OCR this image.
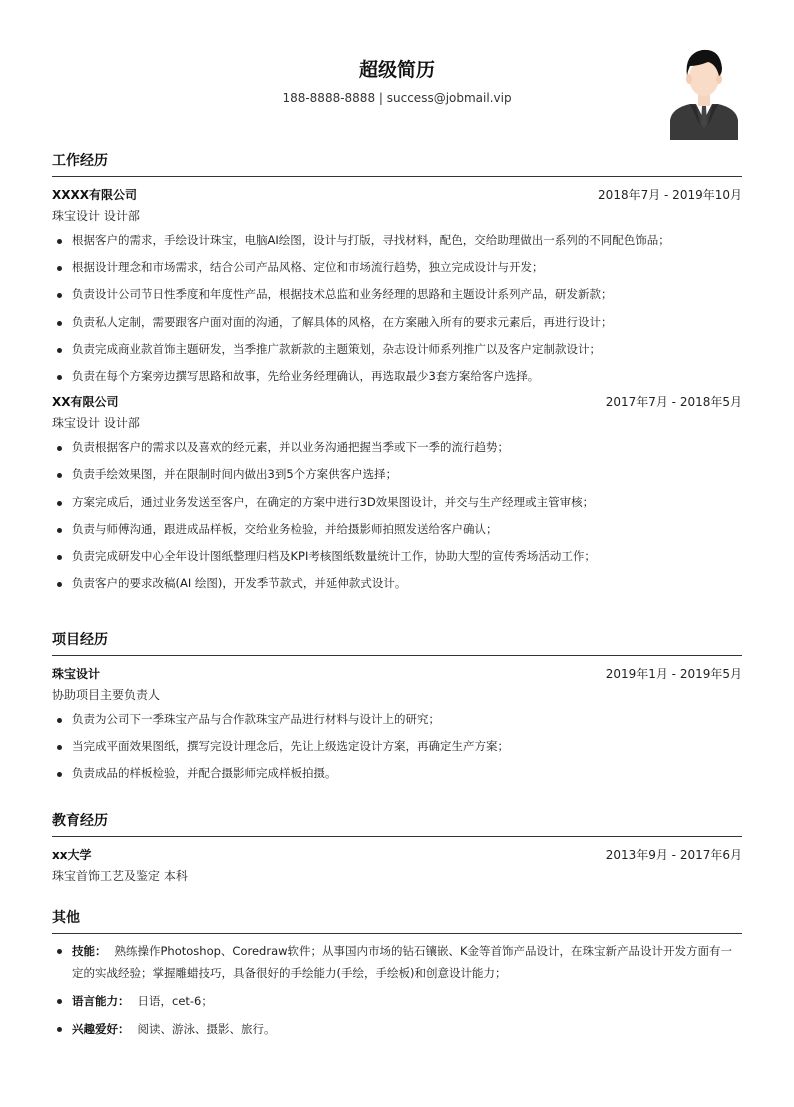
超级简历
188-8888-8888 | success@jobmail.vip
工作经历
XXXX有限公司	2018年7月 - 2019年10月
珠宝设计 设计部
根据客户的需求，手绘设计珠宝，电脑AI绘图，设计与打版，寻找材料，配色，交给助理做出一系列的不同配色饰品；
根据设计理念和市场需求，结合公司产品风格、定位和市场流行趋势，独立完成设计与开发；
负责设计公司节日性季度和年度性产品，根据技术总监和业务经理的思路和主题设计系列产品，研发新款；
负责私人定制，需要跟客户面对面的沟通，了解具体的风格，在方案融入所有的要求元素后，再进行设计；
负责完成商业款首饰主题研发，当季推广款新款的主题策划，杂志设计师系列推广以及客户定制款设计；
负责在每个方案旁边撰写思路和故事，先给业务经理确认，再选取最少3套方案给客户选择。
XX有限公司	2017年7月 - 2018年5月
珠宝设计 设计部
负责根据客户的需求以及喜欢的经元素，并以业务沟通把握当季或下一季的流行趋势；
负责手绘效果图，并在限制时间内做出3到5个方案供客户选择；
方案完成后，通过业务发送至客户，在确定的方案中进行3D效果图设计，并交与生产经理或主管审核；
负责与师傅沟通，跟进成品样板，交给业务检验，并给摄影师拍照发送给客户确认；
负责完成研发中心全年设计图纸整理归档及KPI考核图纸数量统计工作，协助大型的宣传秀场活动工作；
负责客户的要求改稿(AI 绘图)，开发季节款式，并延伸款式设计。
项目经历
珠宝设计	2019年1月 - 2019年5月
协助项目主要负责人
负责为公司下一季珠宝产品与合作款珠宝产品进行材料与设计上的研究；
当完成平面效果图纸，撰写完设计理念后，先让上级选定设计方案，再确定生产方案；
负责成品的样板检验，并配合摄影师完成样板拍摄。
教育经历
xx大学	2013年9月 - 2017年6月
珠宝首饰工艺及鉴定 本科
其他
技能： 熟练操作Photoshop、Coredraw软件；从事国内市场的钻石镶嵌、K金等首饰产品设计，在珠宝新产品设计开发方面有一定的实战经验；掌握雕蜡技巧，具备很好的手绘能力(手绘，手绘板)和创意设计能力；
语言能力： 日语，cet-6；
兴趣爱好： 阅读、游泳、摄影、旅行。
